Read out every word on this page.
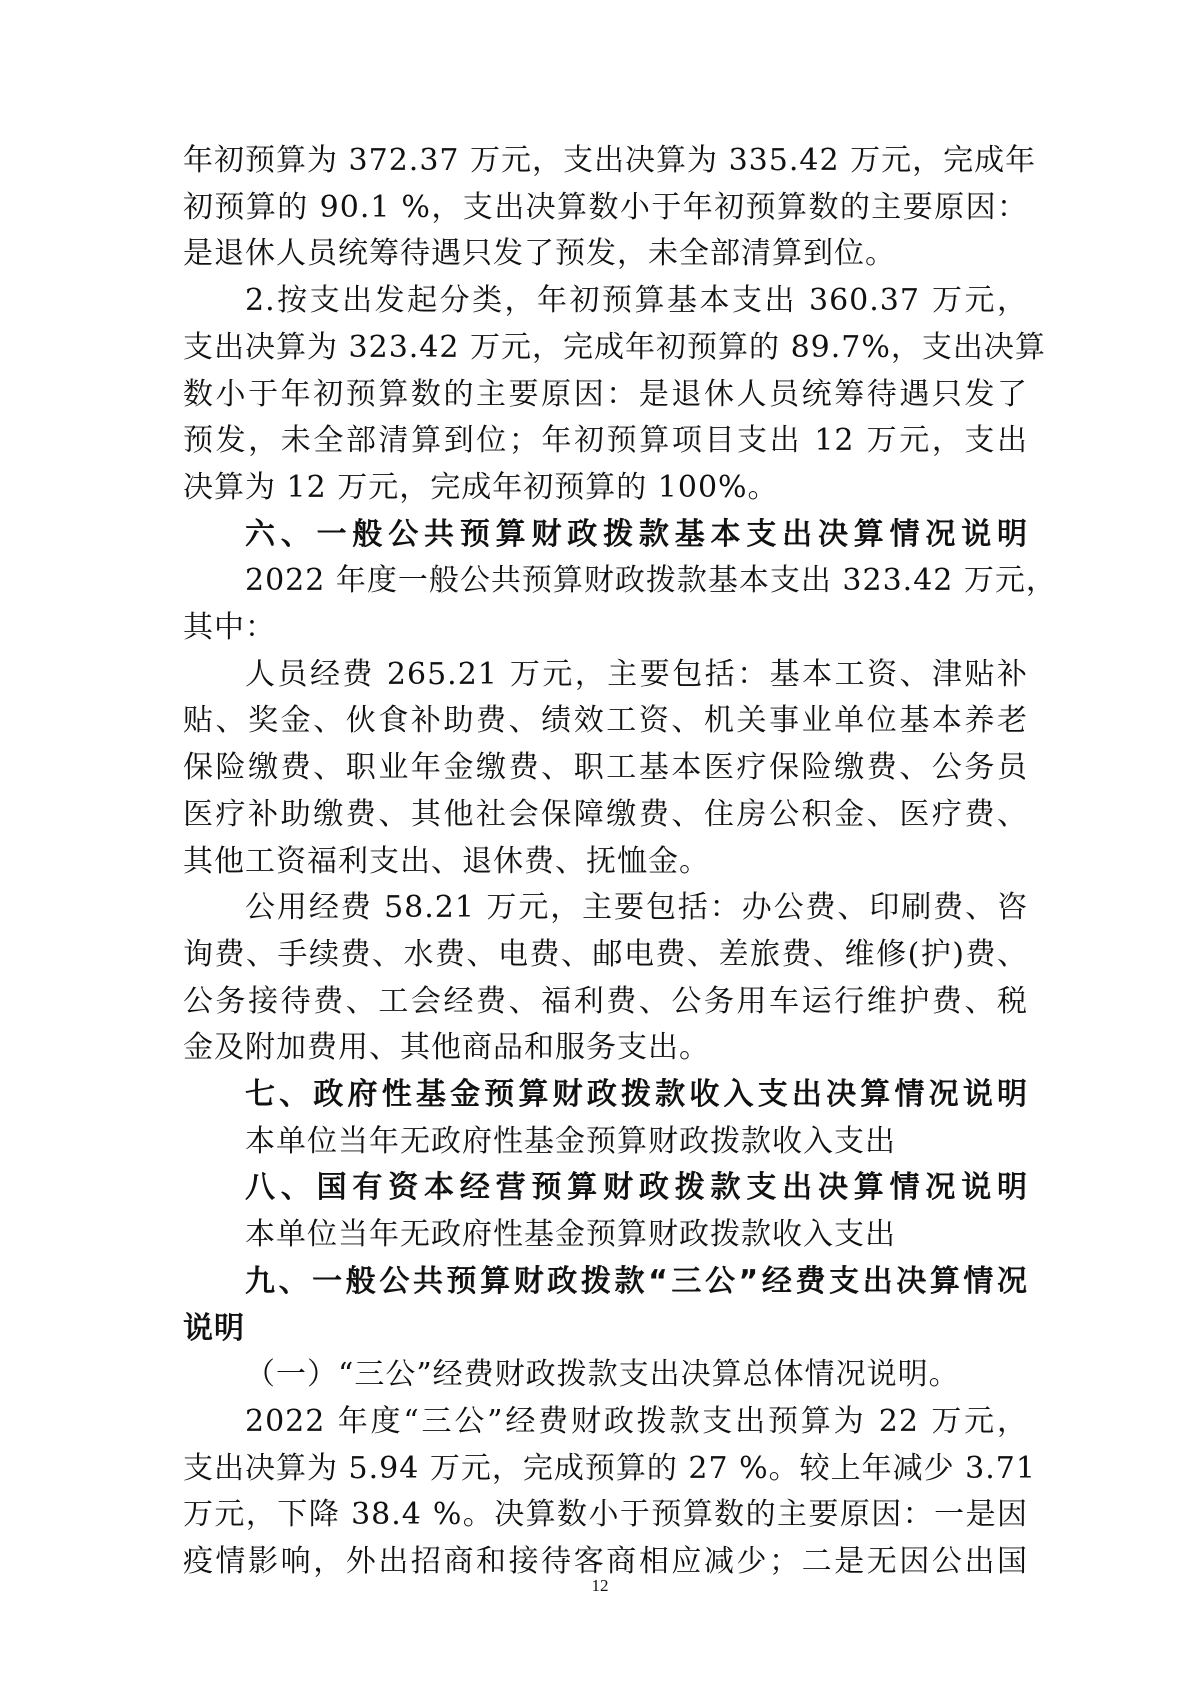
年初预算为 372.37 万元，支出决算为 335.42 万元，完成年
初预算的 90.1 %，支出决算数小于年初预算数的主要原因：
是退休人员统筹待遇只发了预发，未全部清算到位。
2.按支出发起分类，年初预算基本支出 360.37 万元，
支出决算为 323.42 万元，完成年初预算的 89.7%，支出决算
数小于年初预算数的主要原因：是退休人员统筹待遇只发了
预发，未全部清算到位；年初预算项目支出 12 万元，支出
决算为 12 万元，完成年初预算的 100%。
六、一般公共预算财政拨款基本支出决算情况说明
2022 年度一般公共预算财政拨款基本支出 323.42 万元，
其中：
人员经费 265.21 万元，主要包括：基本工资、津贴补
贴、奖金、伙食补助费、绩效工资、机关事业单位基本养老
保险缴费、职业年金缴费、职工基本医疗保险缴费、公务员
医疗补助缴费、其他社会保障缴费、住房公积金、医疗费、
其他工资福利支出、退休费、抚恤金。
公用经费 58.21 万元，主要包括：办公费、印刷费、咨
询费、手续费、水费、电费、邮电费、差旅费、维修(护)费、
公务接待费、工会经费、福利费、公务用车运行维护费、税
金及附加费用、其他商品和服务支出。
七、政府性基金预算财政拨款收入支出决算情况说明
本单位当年无政府性基金预算财政拨款收入支出
八、国有资本经营预算财政拨款支出决算情况说明
本单位当年无政府性基金预算财政拨款收入支出
九、一般公共预算财政拨款“三公”经费支出决算情况
说明
（一）“三公”经费财政拨款支出决算总体情况说明。
2022 年度“三公”经费财政拨款支出预算为 22 万元，
支出决算为 5.94 万元，完成预算的 27 %。较上年减少 3.71
万元，下降 38.4 %。决算数小于预算数的主要原因：一是因
疫情影响，外出招商和接待客商相应减少；二是无因公出国
12
